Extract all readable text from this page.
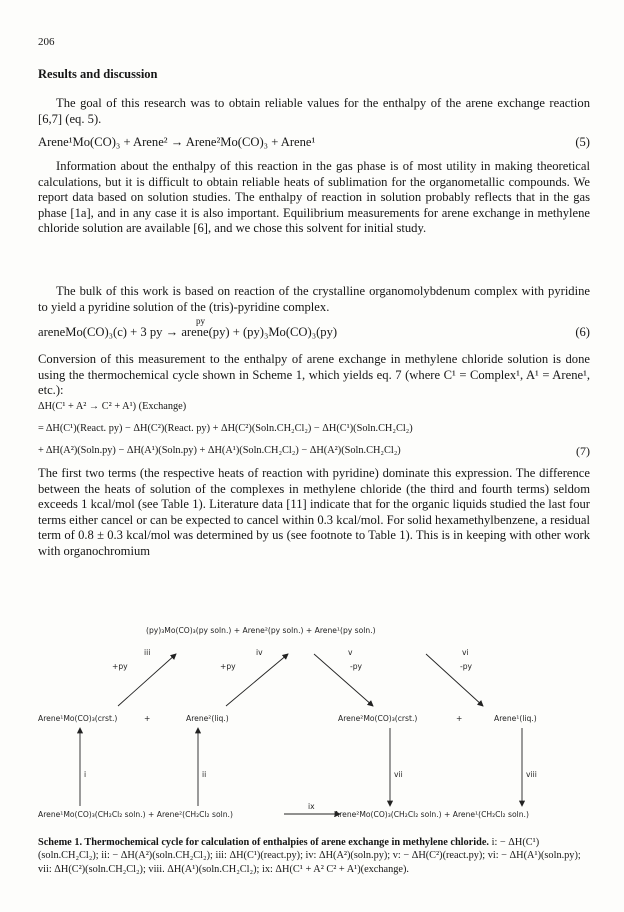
206
Results and discussion
The goal of this research was to obtain reliable values for the enthalpy of the arene exchange reaction [6,7] (eq. 5).
Arene¹Mo(CO)₃ + Arene² → Arene²Mo(CO)₃ + Arene¹	(5)
Information about the enthalpy of this reaction in the gas phase is of most utility in making theoretical calculations, but it is difficult to obtain reliable heats of sublimation for the organometallic compounds. We report data based on solution studies. The enthalpy of reaction in solution probably reflects that in the gas phase [1a], and in any case it is also important. Equilibrium measurements for arene exchange in methylene chloride solution are available [6], and we chose this solvent for initial study.
The bulk of this work is based on reaction of the crystalline organomolybdenum complex with pyridine to yield a pyridine solution of the (tris)-pyridine complex.
py
areneMo(CO)₃(c) + 3 py → arene(py) + (py)₃Mo(CO)₃(py)	(6)
Conversion of this measurement to the enthalpy of arene exchange in methylene chloride solution is done using the thermochemical cycle shown in Scheme 1, which yields eq. 7 (where C¹ = Complex¹, A¹ = Arene¹, etc.):
ΔH(C¹ + A² → C² + A¹) (Exchange)
= ΔH(C¹)(React. py) − ΔH(C²)(React. py) + ΔH(C²)(Soln.CH₂Cl₂) − ΔH(C¹)(Soln.CH₂Cl₂)
+ ΔH(A²)(Soln.py) − ΔH(A¹)(Soln.py) + ΔH(A¹)(Soln.CH₂Cl₂) − ΔH(A²)(Soln.CH₂Cl₂)	(7)
The first two terms (the respective heats of reaction with pyridine) dominate this expression. The difference between the heats of solution of the complexes in methylene chloride (the third and fourth terms) seldom exceeds 1 kcal/mol (see Table 1). Literature data [11] indicate that for the organic liquids studied the last four terms either cancel or can be expected to cancel within 0.3 kcal/mol. For solid hexamethylbenzene, a residual term of 0.8 ± 0.3 kcal/mol was determined by us (see footnote to Table 1). This is in keeping with other work with organochromium
(py)₃Mo(CO)₃(py soln.) + Arene²(py soln.) + Arene¹(py soln.)
Arene¹Mo(CO)₃(crst.)	+	Arene²(liq.)	Arene²Mo(CO)₃(crst.)	+	Arene¹(liq.)
Arene¹Mo(CO)₃(CH₂Cl₂ soln.) + Arene²(CH₂Cl₂ soln.)	Arene²Mo(CO)₃(CH₂Cl₂ soln.) + Arene¹(CH₂Cl₂ soln.)
iii
+py
iv
+py
v
-py
vi
-py
i	ii	vii	viii
ix
Scheme 1. Thermochemical cycle for calculation of enthalpies of arene exchange in methylene chloride. i: − ΔH(C¹)(soln.CH₂Cl₂); ii: − ΔH(A²)(soln.CH₂Cl₂); iii: ΔH(C¹)(react.py); iv: ΔH(A²)(soln.py); v: − ΔH(C²)(react.py); vi: − ΔH(A¹)(soln.py); vii: ΔH(C²)(soln.CH₂Cl₂); viii. ΔH(A¹)(soln.CH₂Cl₂); ix: ΔH(C¹ + A² C² + A¹)(exchange).
